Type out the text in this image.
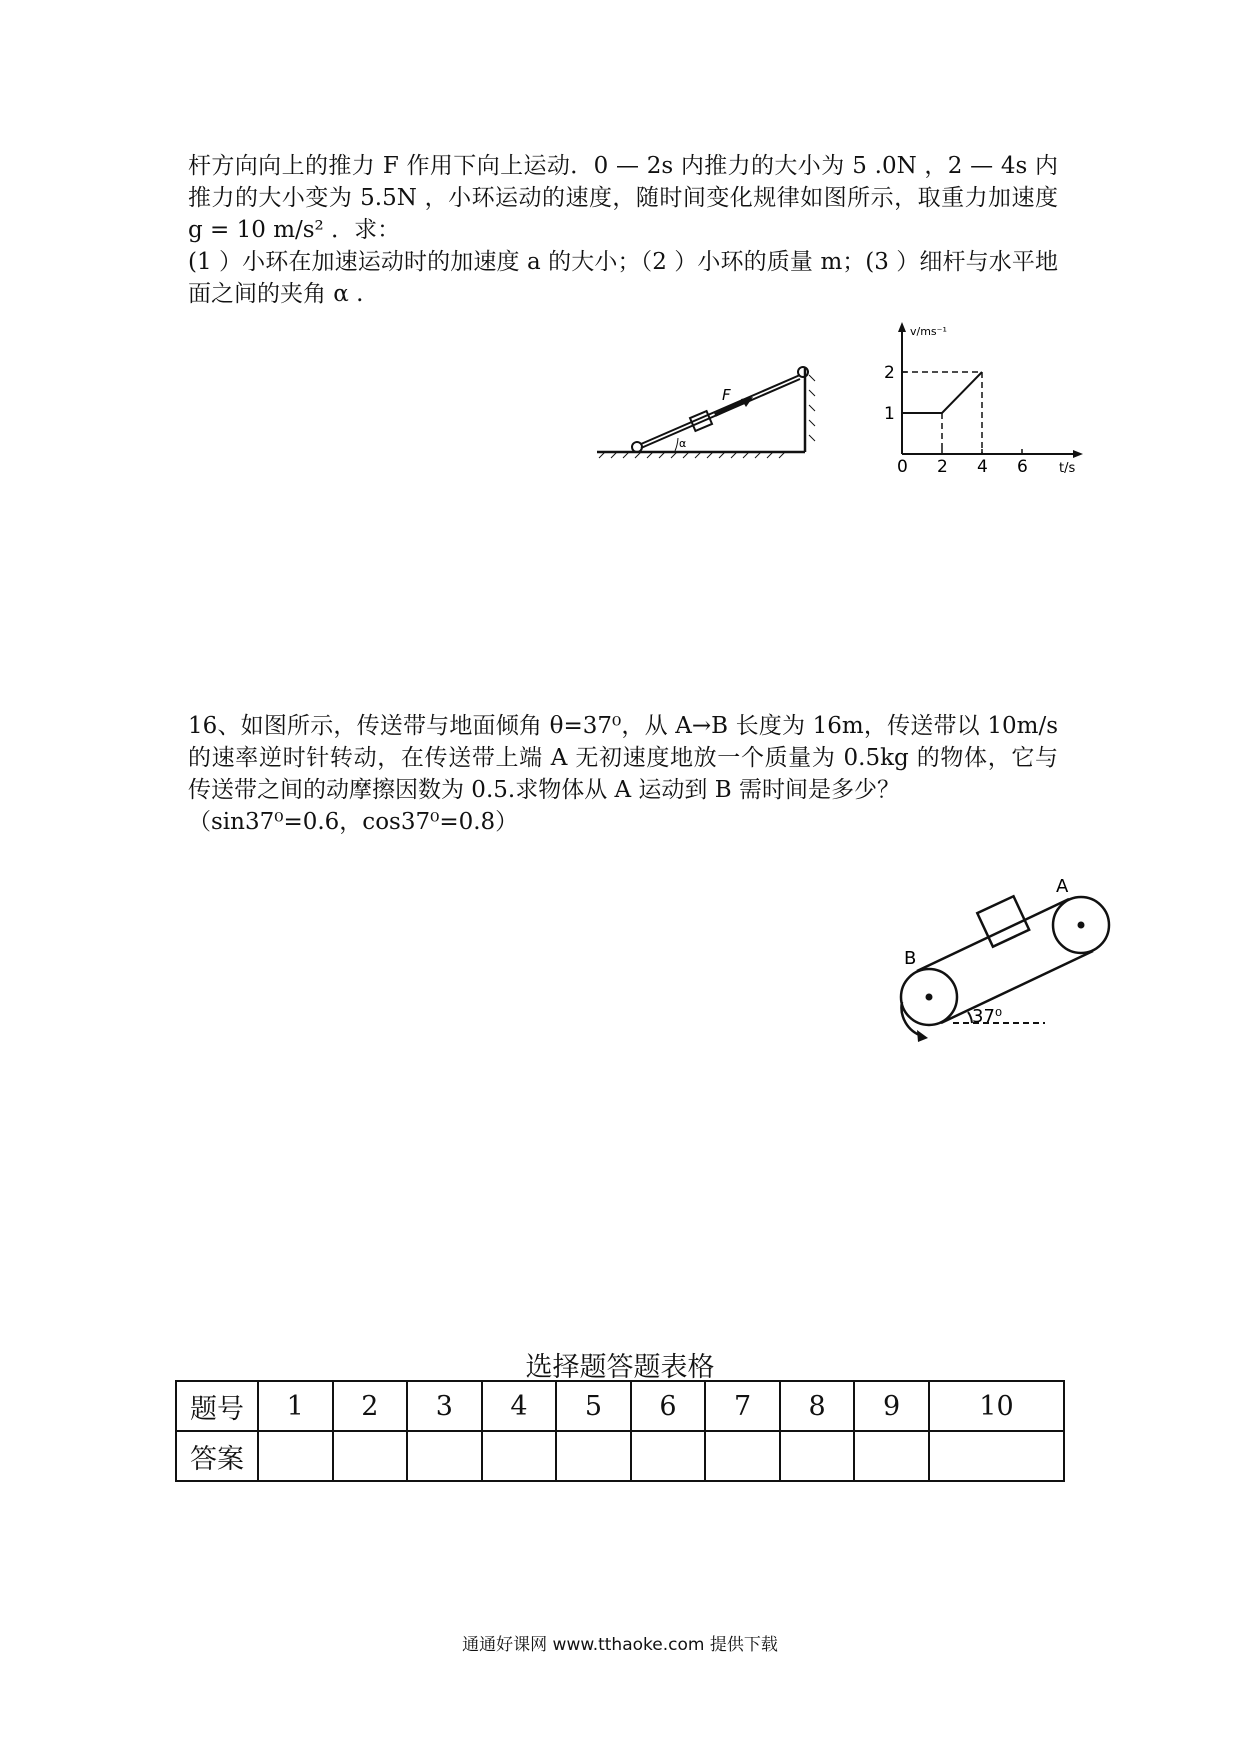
杆方向向上的推力 F 作用下向上运动．0 — 2s 内推力的大小为 5 .0N ，2 — 4s 内推力的大小变为 5.5N ，小环运动的速度，随时间变化规律如图所示，取重力加速度 g = 10 m/s² ．求：

(1 ）小环在加速运动时的加速度 a 的大小；（2 ）小环的质量 m；(3 ）细杆与水平地面之间的夹角 α .

F
α
0 2 4 6
1
2
v/ms⁻¹
t/s

16、如图所示，传送带与地面倾角 θ=37⁰，从 A→B 长度为 16m，传送带以 10m/s 的速率逆时针转动，在传送带上端 A 无初速度地放一个质量为 0.5kg 的物体，它与传送带之间的动摩擦因数为 0.5.求物体从 A 运动到 B 需时间是多少？

（sin37⁰=0.6，cos37⁰=0.8）

A
B
37⁰
选择题答题表格
题号	1	2	3	4	5	6	7	8	9	10
答案										
通通好课网 www.tthaoke.com 提供下载
